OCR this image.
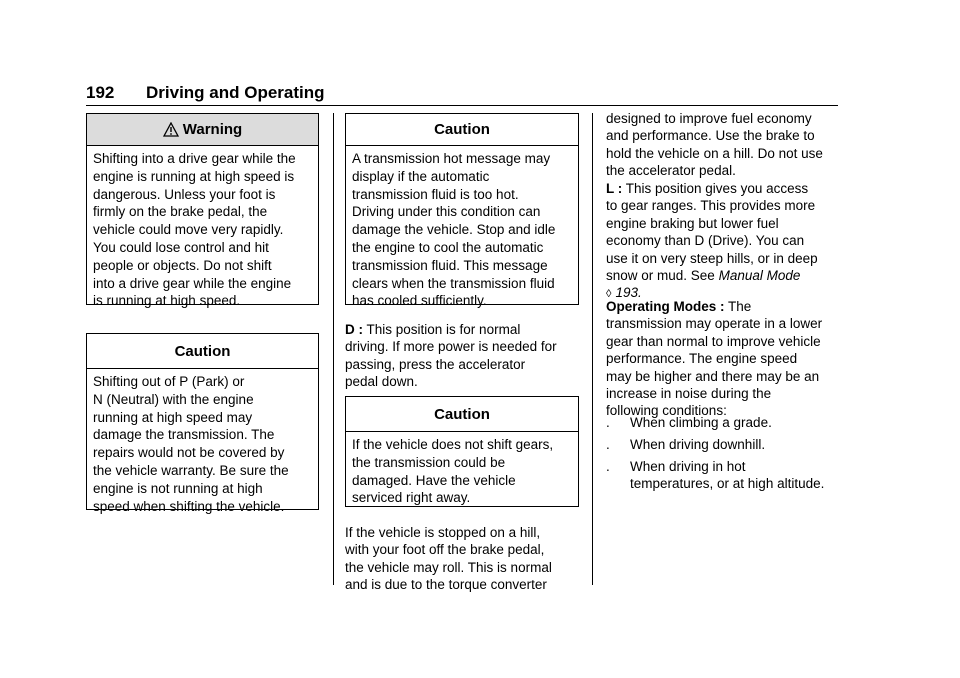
192 Driving and Operating
Warning
Shifting into a drive gear while the
engine is running at high speed is
dangerous. Unless your foot is
firmly on the brake pedal, the
vehicle could move very rapidly.
You could lose control and hit
people or objects. Do not shift
into a drive gear while the engine
is running at high speed.
Caution
Shifting out of P (Park) or
N (Neutral) with the engine
running at high speed may
damage the transmission. The
repairs would not be covered by
the vehicle warranty. Be sure the
engine is not running at high
speed when shifting the vehicle.
Caution
A transmission hot message may
display if the automatic
transmission fluid is too hot.
Driving under this condition can
damage the vehicle. Stop and idle
the engine to cool the automatic
transmission fluid. This message
clears when the transmission fluid
has cooled sufficiently.
D : This position is for normal
driving. If more power is needed for
passing, press the accelerator
pedal down.
Caution
If the vehicle does not shift gears,
the transmission could be
damaged. Have the vehicle
serviced right away.
If the vehicle is stopped on a hill,
with your foot off the brake pedal,
the vehicle may roll. This is normal
and is due to the torque converter
designed to improve fuel economy
and performance. Use the brake to
hold the vehicle on a hill. Do not use
the accelerator pedal.
L : This position gives you access
to gear ranges. This provides more
engine braking but lower fuel
economy than D (Drive). You can
use it on very steep hills, or in deep
snow or mud. See Manual Mode
◊ 193.
Operating Modes : The
transmission may operate in a lower
gear than normal to improve vehicle
performance. The engine speed
may be higher and there may be an
increase in noise during the
following conditions:
. When climbing a grade.
. When driving downhill.
. When driving in hot
temperatures, or at high altitude.
